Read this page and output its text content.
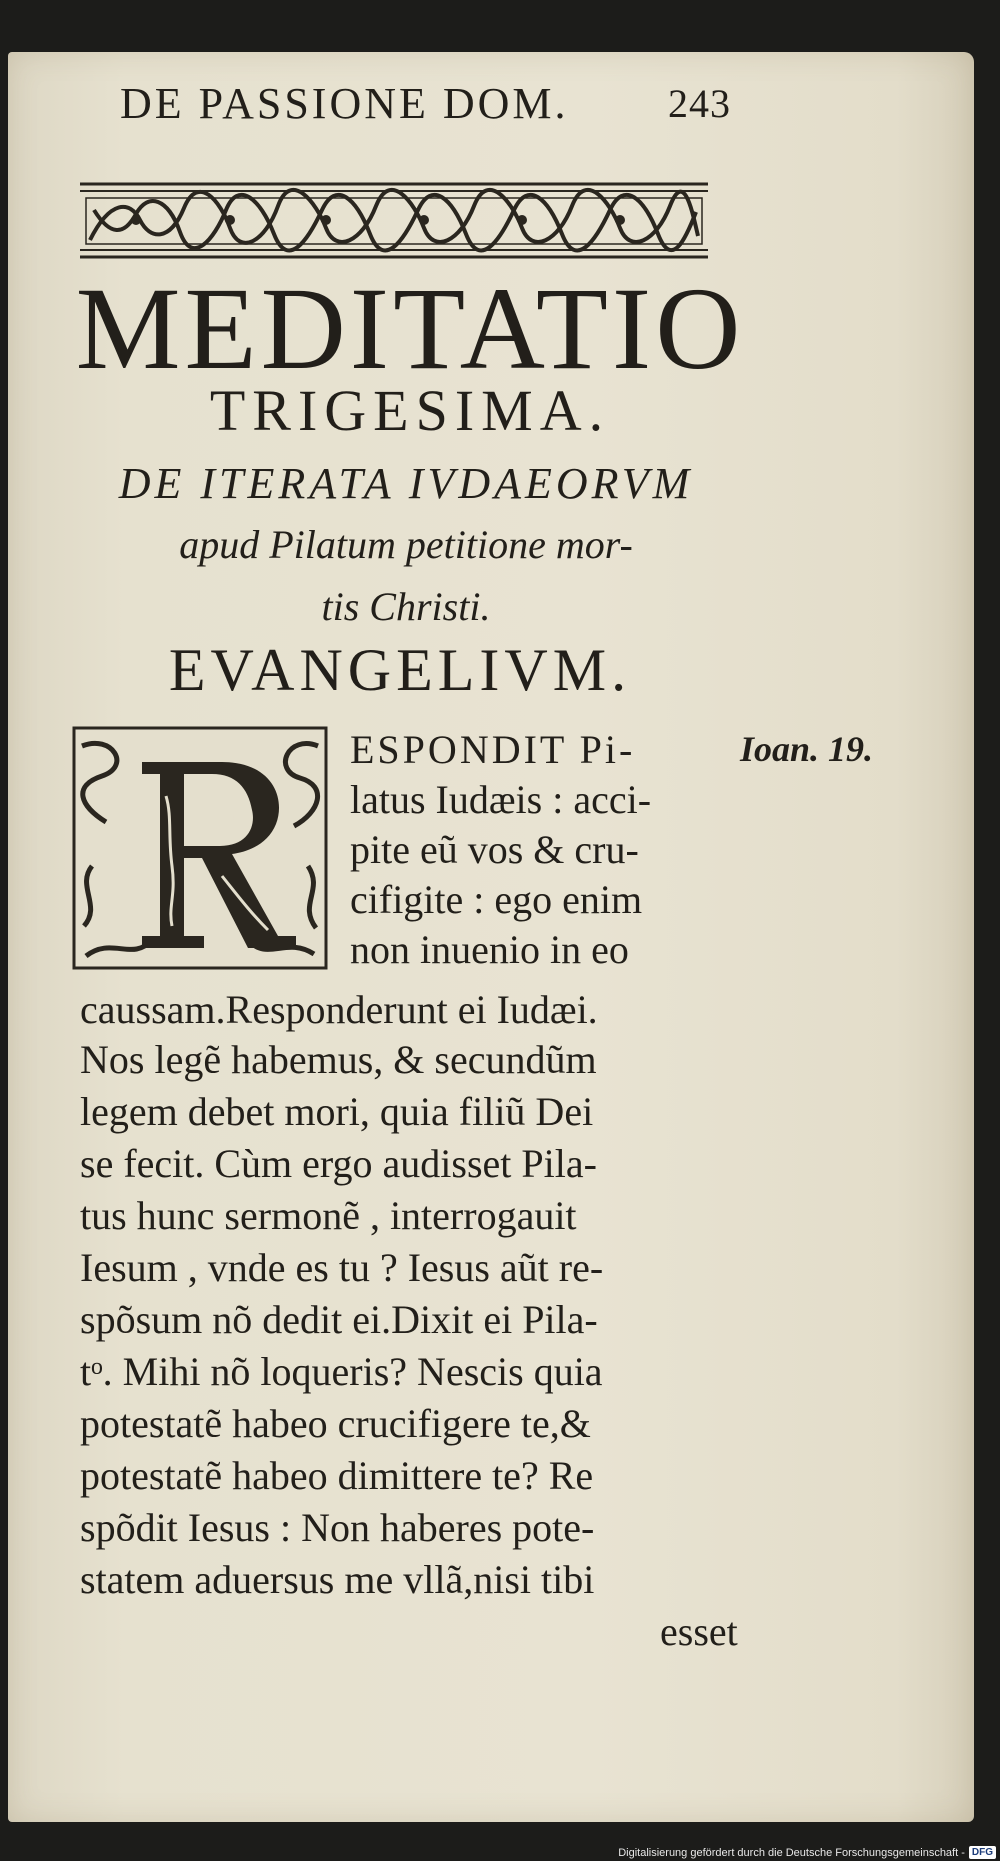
DE PASSIONE DOM. 243
MEDITATIO
TRIGESIMA.
DE ITERATA IVDAEORVM
apud Pilatum petitione mor-
tis Christi.
EVANGELIVM.
Ioan. 19.
ESPONDIT Pi-
latus Iudæis : acci-
pite eũ vos & cru-
cifigite : ego enim
non inuenio in eo
caussam.Responderunt ei Iudæi.
Nos legẽ habemus, & secundũm
legem debet mori, quia filiũ Dei
se fecit. Cùm ergo audisset Pila-
tus hunc sermonẽ , interrogauit
Iesum , vnde es tu ? Iesus aũt re-
spõsum nõ dedit ei.Dixit ei Pila-
tᵒ. Mihi nõ loqueris? Nescis quia
potestatẽ habeo crucifigere te,&
potestatẽ habeo dimittere te? Re
spõdit Iesus : Non haberes pote-
statem aduersus me vllã,nisi tibi
esset
Digitalisierung gefördert durch die Deutsche Forschungsgemeinschaft - DFG
